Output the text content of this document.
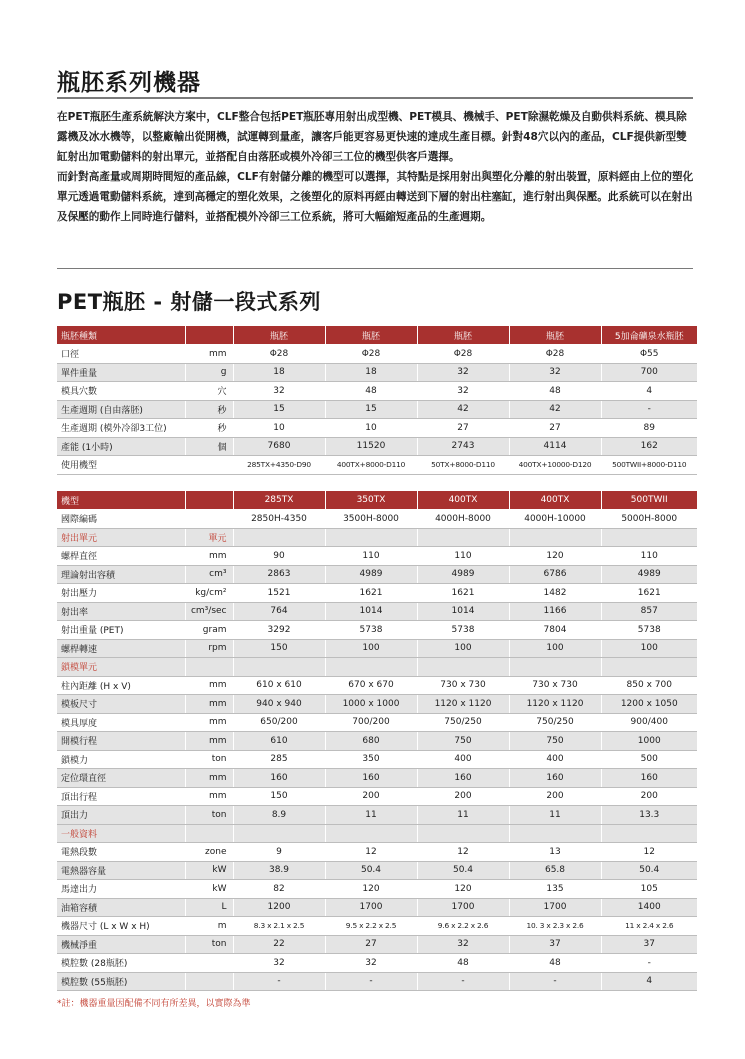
瓶胚系列機器

在PET瓶胚生產系統解決方案中，CLF整合包括PET瓶胚專用射出成型機、PET模具、機械手、PET除濕乾燥及自動供料系統、模具除露機及冰水機等，以整廠輸出從開機，試運轉到量產，讓客戶能更容易更快速的達成生產目標。針對48穴以內的產品，CLF提供新型雙缸射出加電動儲料的射出單元，並搭配自由落胚或模外冷卻三工位的機型供客戶選擇。

而針對高產量或周期時間短的產品線，CLF有射儲分離的機型可以選擇，其特點是採用射出與塑化分離的射出裝置，原料經由上位的塑化單元透過電動儲料系統，達到高穩定的塑化效果，之後塑化的原料再經由轉送到下層的射出柱塞缸，進行射出與保壓。此系統可以在射出及保壓的動作上同時進行儲料，並搭配模外冷卻三工位系統，將可大幅縮短產品的生產週期。

PET瓶胚 - 射儲一段式系列
瓶胚種類		瓶胚	瓶胚	瓶胚	瓶胚	5加侖礦泉水瓶胚
口徑	mm	Φ28	Φ28	Φ28	Φ28	Φ55
單件重量	g	18	18	32	32	700
模具穴數	穴	32	48	32	48	4
生產週期 (自由落胚)	秒	15	15	42	42	-
生產週期 (模外冷卻3工位)	秒	10	10	27	27	89
產能 (1小時)	個	7680	11520	2743	4114	162
使用機型		285TX+4350-D90	400TX+8000-D110	50TX+8000-D110	400TX+10000-D120	500TWII+8000-D110
機型		285TX	350TX	400TX	400TX	500TWII
國際編碼		2850H-4350	3500H-8000	4000H-8000	4000H-10000	5000H-8000
射出單元	單元					
螺桿直徑	mm	90	110	110	120	110
理論射出容積	cm³	2863	4989	4989	6786	4989
射出壓力	kg/cm²	1521	1621	1621	1482	1621
射出率	cm³/sec	764	1014	1014	1166	857
射出重量 (PET)	gram	3292	5738	5738	7804	5738
螺桿轉速	rpm	150	100	100	100	100
鎖模單元						
柱內距離 (H x V)	mm	610 x 610	670 x 670	730 x 730	730 x 730	850 x 700
模板尺寸	mm	940 x 940	1000 x 1000	1120 x 1120	1120 x 1120	1200 x 1050
模具厚度	mm	650/200	700/200	750/250	750/250	900/400
開模行程	mm	610	680	750	750	1000
鎖模力	ton	285	350	400	400	500
定位環直徑	mm	160	160	160	160	160
頂出行程	mm	150	200	200	200	200
頂出力	ton	8.9	11	11	11	13.3
一般資料						
電熱段數	zone	9	12	12	13	12
電熱器容量	kW	38.9	50.4	50.4	65.8	50.4
馬達出力	kW	82	120	120	135	105
油箱容積	L	1200	1700	1700	1700	1400
機器尺寸 (L x W x H)	m	8.3 x 2.1 x 2.5	9.5 x 2.2 x 2.5	9.6 x 2.2 x 2.6	10. 3 x 2.3 x 2.6	11 x 2.4 x 2.6
機械淨重	ton	22	27	32	37	37
模腔數 (28瓶胚)		32	32	48	48	-
模腔數 (55瓶胚)		-	-	-	-	4
*註：機器重量因配備不同有所差異，以實際為準
